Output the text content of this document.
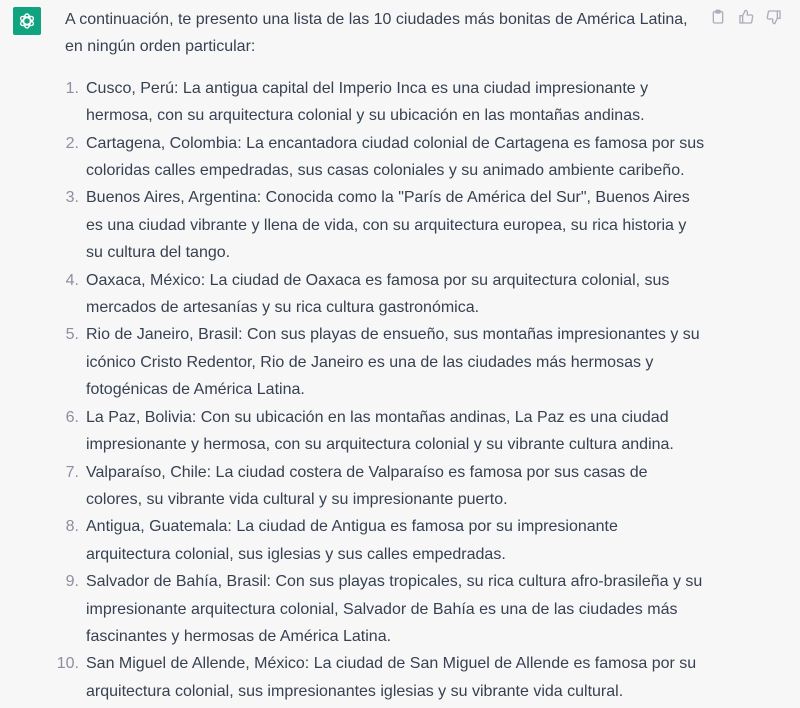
A continuación, te presento una lista de las 10 ciudades más bonitas de América Latina, en ningún orden particular:

1. Cusco, Perú: La antigua capital del Imperio Inca es una ciudad impresionante y hermosa, con su arquitectura colonial y su ubicación en las montañas andinas.
2. Cartagena, Colombia: La encantadora ciudad colonial de Cartagena es famosa por sus coloridas calles empedradas, sus casas coloniales y su animado ambiente caribeño.
3. Buenos Aires, Argentina: Conocida como la "París de América del Sur", Buenos Aires es una ciudad vibrante y llena de vida, con su arquitectura europea, su rica historia y su cultura del tango.
4. Oaxaca, México: La ciudad de Oaxaca es famosa por su arquitectura colonial, sus mercados de artesanías y su rica cultura gastronómica.
5. Rio de Janeiro, Brasil: Con sus playas de ensueño, sus montañas impresionantes y su icónico Cristo Redentor, Rio de Janeiro es una de las ciudades más hermosas y fotogénicas de América Latina.
6. La Paz, Bolivia: Con su ubicación en las montañas andinas, La Paz es una ciudad impresionante y hermosa, con su arquitectura colonial y su vibrante cultura andina.
7. Valparaíso, Chile: La ciudad costera de Valparaíso es famosa por sus casas de colores, su vibrante vida cultural y su impresionante puerto.
8. Antigua, Guatemala: La ciudad de Antigua es famosa por su impresionante arquitectura colonial, sus iglesias y sus calles empedradas.
9. Salvador de Bahía, Brasil: Con sus playas tropicales, su rica cultura afro-brasileña y su impresionante arquitectura colonial, Salvador de Bahía es una de las ciudades más fascinantes y hermosas de América Latina.
10. San Miguel de Allende, México: La ciudad de San Miguel de Allende es famosa por su arquitectura colonial, sus impresionantes iglesias y su vibrante vida cultural.
